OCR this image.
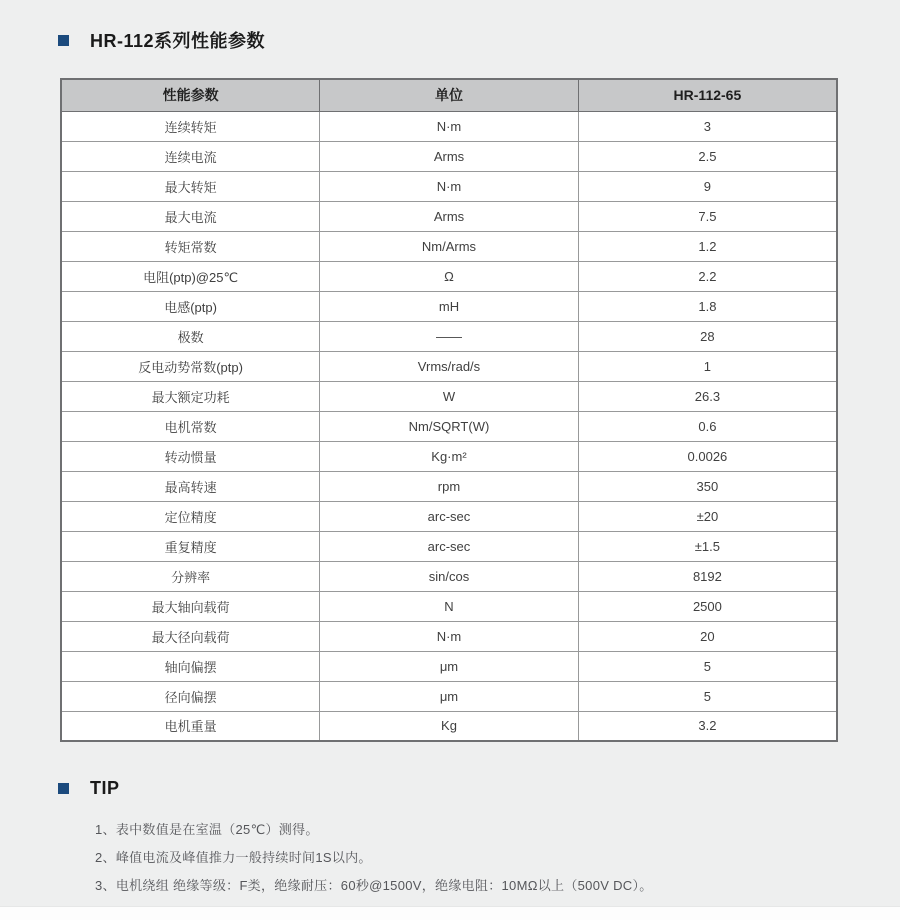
HR-112系列性能参数
性能参数	单位	HR-112-65
连续转矩	N·m	3
连续电流	Arms	2.5
最大转矩	N·m	9
最大电流	Arms	7.5
转矩常数	Nm/Arms	1.2
电阻(ptp)@25℃	Ω	2.2
电感(ptp)	mH	1.8
极数	——	28
反电动势常数(ptp)	Vrms/rad/s	1
最大额定功耗	W	26.3
电机常数	Nm/SQRT(W)	0.6
转动惯量	Kg·m²	0.0026
最高转速	rpm	350
定位精度	arc-sec	±20
重复精度	arc-sec	±1.5
分辨率	sin/cos	8192
最大轴向载荷	N	2500
最大径向载荷	N·m	20
轴向偏摆	μm	5
径向偏摆	μm	5
电机重量	Kg	3.2
TIP
1、表中数值是在室温（25℃）测得。
2、峰值电流及峰值推力一般持续时间1S以内。
3、电机绕组 绝缘等级：F类，绝缘耐压：60秒@1500V，绝缘电阻：10MΩ以上（500V DC）。
